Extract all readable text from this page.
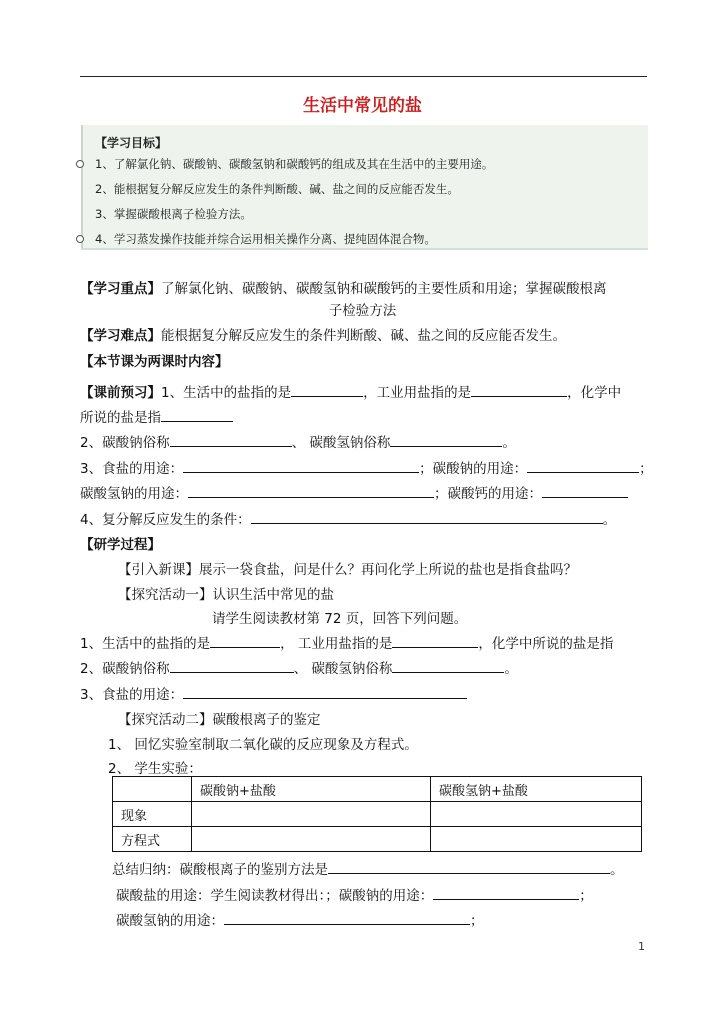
生活中常见的盐
【学习目标】
1、了解氯化钠、碳酸钠、碳酸氢钠和碳酸钙的组成及其在生活中的主要用途。
2、能根据复分解反应发生的条件判断酸、碱、盐之间的反应能否发生。
3、掌握碳酸根离子检验方法。
4、学习蒸发操作技能并综合运用相关操作分离、提纯固体混合物。
【学习重点】了解氯化钠、碳酸钠、碳酸氢钠和碳酸钙的主要性质和用途；掌握碳酸根离
子检验方法
【学习难点】能根据复分解反应发生的条件判断酸、碱、盐之间的反应能否发生。
【本节课为两课时内容】
【课前预习】1、生活中的盐指的是	，工业用盐指的是	，化学中
所说的盐是指
2、碳酸钠俗称	、 碳酸氢钠俗称	。
3、食盐的用途：	；碳酸钠的用途：	；
碳酸氢钠的用途：	；碳酸钙的用途：
4、复分解反应发生的条件：	。
【研学过程】
【引入新课】展示一袋食盐，问是什么？再问化学上所说的盐也是指食盐吗？
【探究活动一】认识生活中常见的盐
请学生阅读教材第 72 页，回答下列问题。
1、生活中的盐指的是	， 工业用盐指的是	，化学中所说的盐是指
2、碳酸钠俗称	、 碳酸氢钠俗称	。
3、食盐的用途：
【探究活动二】碳酸根离子的鉴定
1、 回忆实验室制取二氧化碳的反应现象及方程式。
2、 学生实验：
	碳酸钠+盐酸	碳酸氢钠+盐酸
现象		
方程式		
总结归纳：碳酸根离子的鉴别方法是	。
碳酸盐的用途：学生阅读教材得出：；碳酸钠的用途：	；
碳酸氢钠的用途：	；
1
